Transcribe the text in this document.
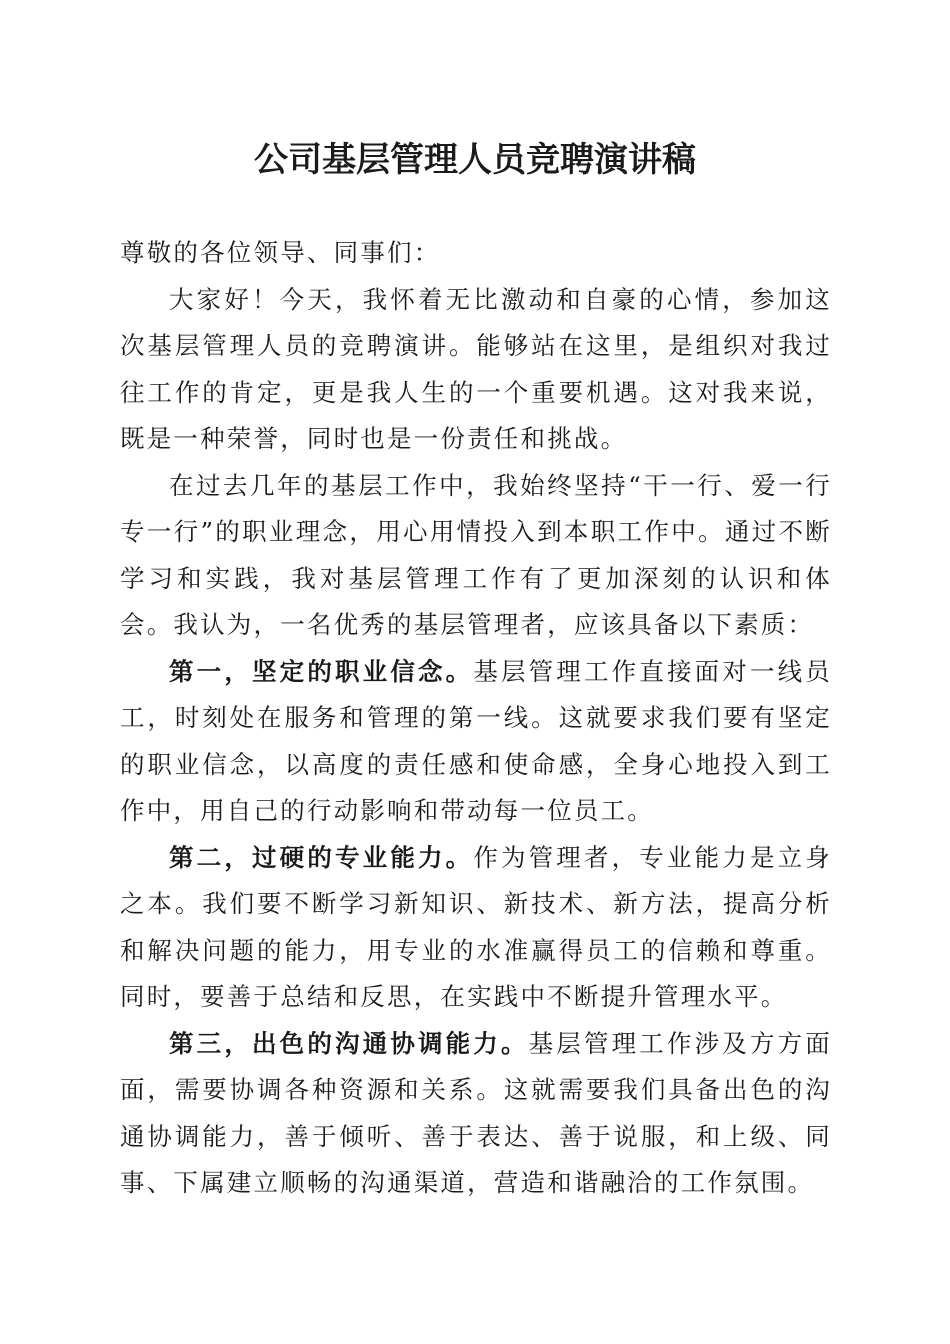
公司基层管理人员竞聘演讲稿

尊敬的各位领导、同事们：

大家好！今天，我怀着无比激动和自豪的心情，参加这次基层管理人员的竞聘演讲。能够站在这里，是组织对我过往工作的肯定，更是我人生的一个重要机遇。这对我来说，既是一种荣誉，同时也是一份责任和挑战。

在过去几年的基层工作中，我始终坚持“干一行、爱一行专一行”的职业理念，用心用情投入到本职工作中。通过不断学习和实践，我对基层管理工作有了更加深刻的认识和体会。我认为，一名优秀的基层管理者，应该具备以下素质：

第一，坚定的职业信念。基层管理工作直接面对一线员工，时刻处在服务和管理的第一线。这就要求我们要有坚定的职业信念，以高度的责任感和使命感，全身心地投入到工作中，用自己的行动影响和带动每一位员工。

第二，过硬的专业能力。作为管理者，专业能力是立身之本。我们要不断学习新知识、新技术、新方法，提高分析和解决问题的能力，用专业的水准赢得员工的信赖和尊重。同时，要善于总结和反思，在实践中不断提升管理水平。

第三，出色的沟通协调能力。基层管理工作涉及方方面面，需要协调各种资源和关系。这就需要我们具备出色的沟通协调能力，善于倾听、善于表达、善于说服，和上级、同事、下属建立顺畅的沟通渠道，营造和谐融洽的工作氛围。
